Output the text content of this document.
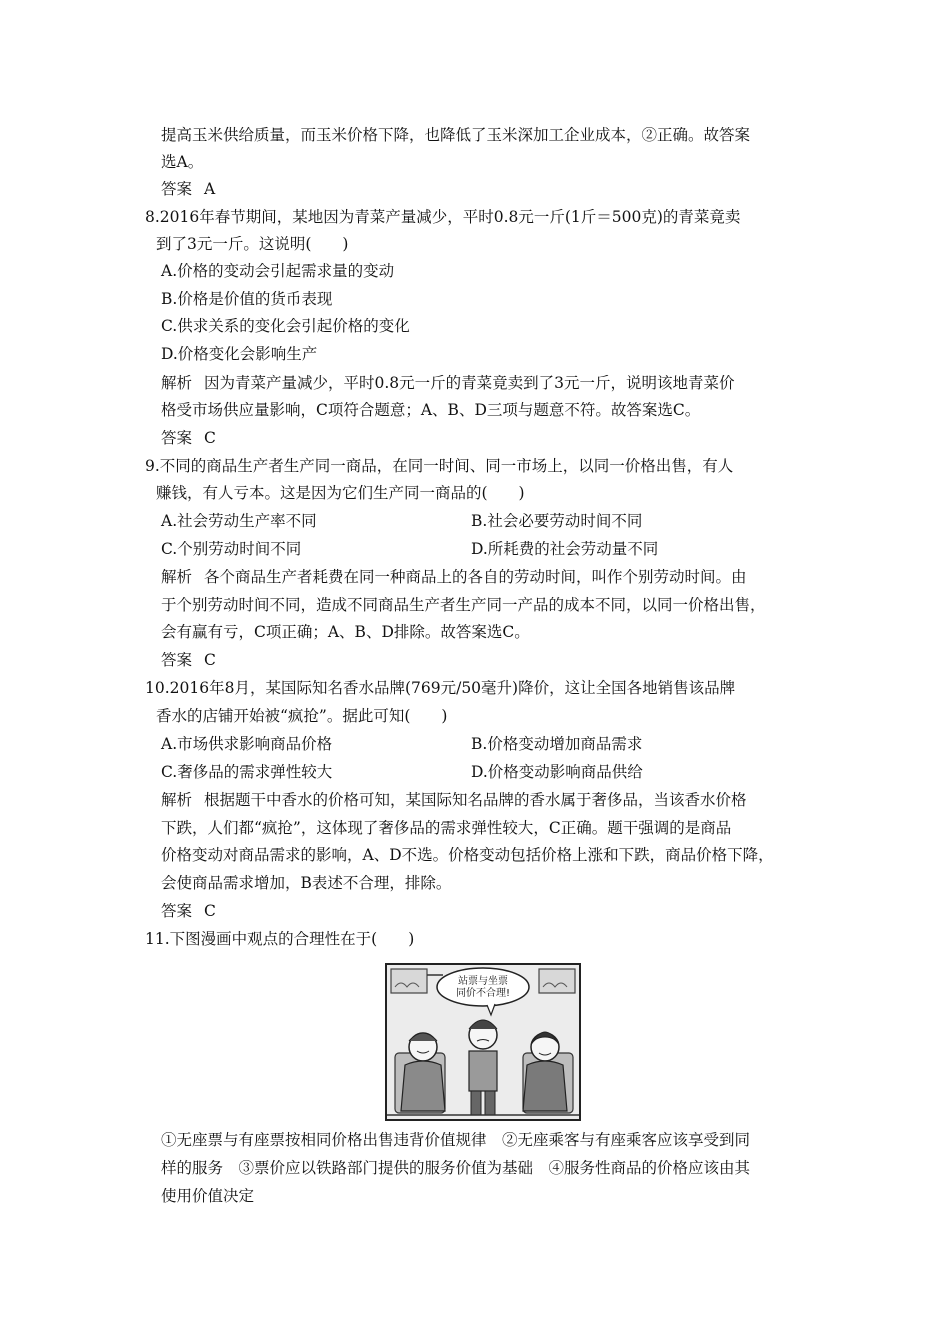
提高玉米供给质量，而玉米价格下降，也降低了玉米深加工企业成本，②正确。故答案
选A。
答案 A
8.2016年春节期间，某地因为青菜产量减少，平时0.8元一斤(1斤＝500克)的青菜竟卖
到了3元一斤。这说明(　　)
A.价格的变动会引起需求量的变动
B.价格是价值的货币表现
C.供求关系的变化会引起价格的变化
D.价格变化会影响生产
解析 因为青菜产量减少，平时0.8元一斤的青菜竟卖到了3元一斤，说明该地青菜价
格受市场供应量影响，C项符合题意；A、B、D三项与题意不符。故答案选C。
答案 C
9.不同的商品生产者生产同一商品，在同一时间、同一市场上，以同一价格出售，有人
赚钱，有人亏本。这是因为它们生产同一商品的(　　)
A.社会劳动生产率不同	B.社会必要劳动时间不同
C.个别劳动时间不同	D.所耗费的社会劳动量不同
解析 各个商品生产者耗费在同一种商品上的各自的劳动时间，叫作个别劳动时间。由
于个别劳动时间不同，造成不同商品生产者生产同一产品的成本不同，以同一价格出售，
会有赢有亏，C项正确；A、B、D排除。故答案选C。
答案 C
10.2016年8月，某国际知名香水品牌(769元/50毫升)降价，这让全国各地销售该品牌
香水的店铺开始被“疯抢”。据此可知(　　)
A.市场供求影响商品价格	B.价格变动增加商品需求
C.奢侈品的需求弹性较大	D.价格变动影响商品供给
解析 根据题干中香水的价格可知，某国际知名品牌的香水属于奢侈品，当该香水价格
下跌，人们都“疯抢”，这体现了奢侈品的需求弹性较大，C正确。题干强调的是商品
价格变动对商品需求的影响，A、D不选。价格变动包括价格上涨和下跌，商品价格下降，
会使商品需求增加，B表述不合理，排除。
答案 C
11.下图漫画中观点的合理性在于(　　)
站票与坐票
同价不合理!
①无座票与有座票按相同价格出售违背价值规律　②无座乘客与有座乘客应该享受到同
样的服务　③票价应以铁路部门提供的服务价值为基础　④服务性商品的价格应该由其
使用价值决定
